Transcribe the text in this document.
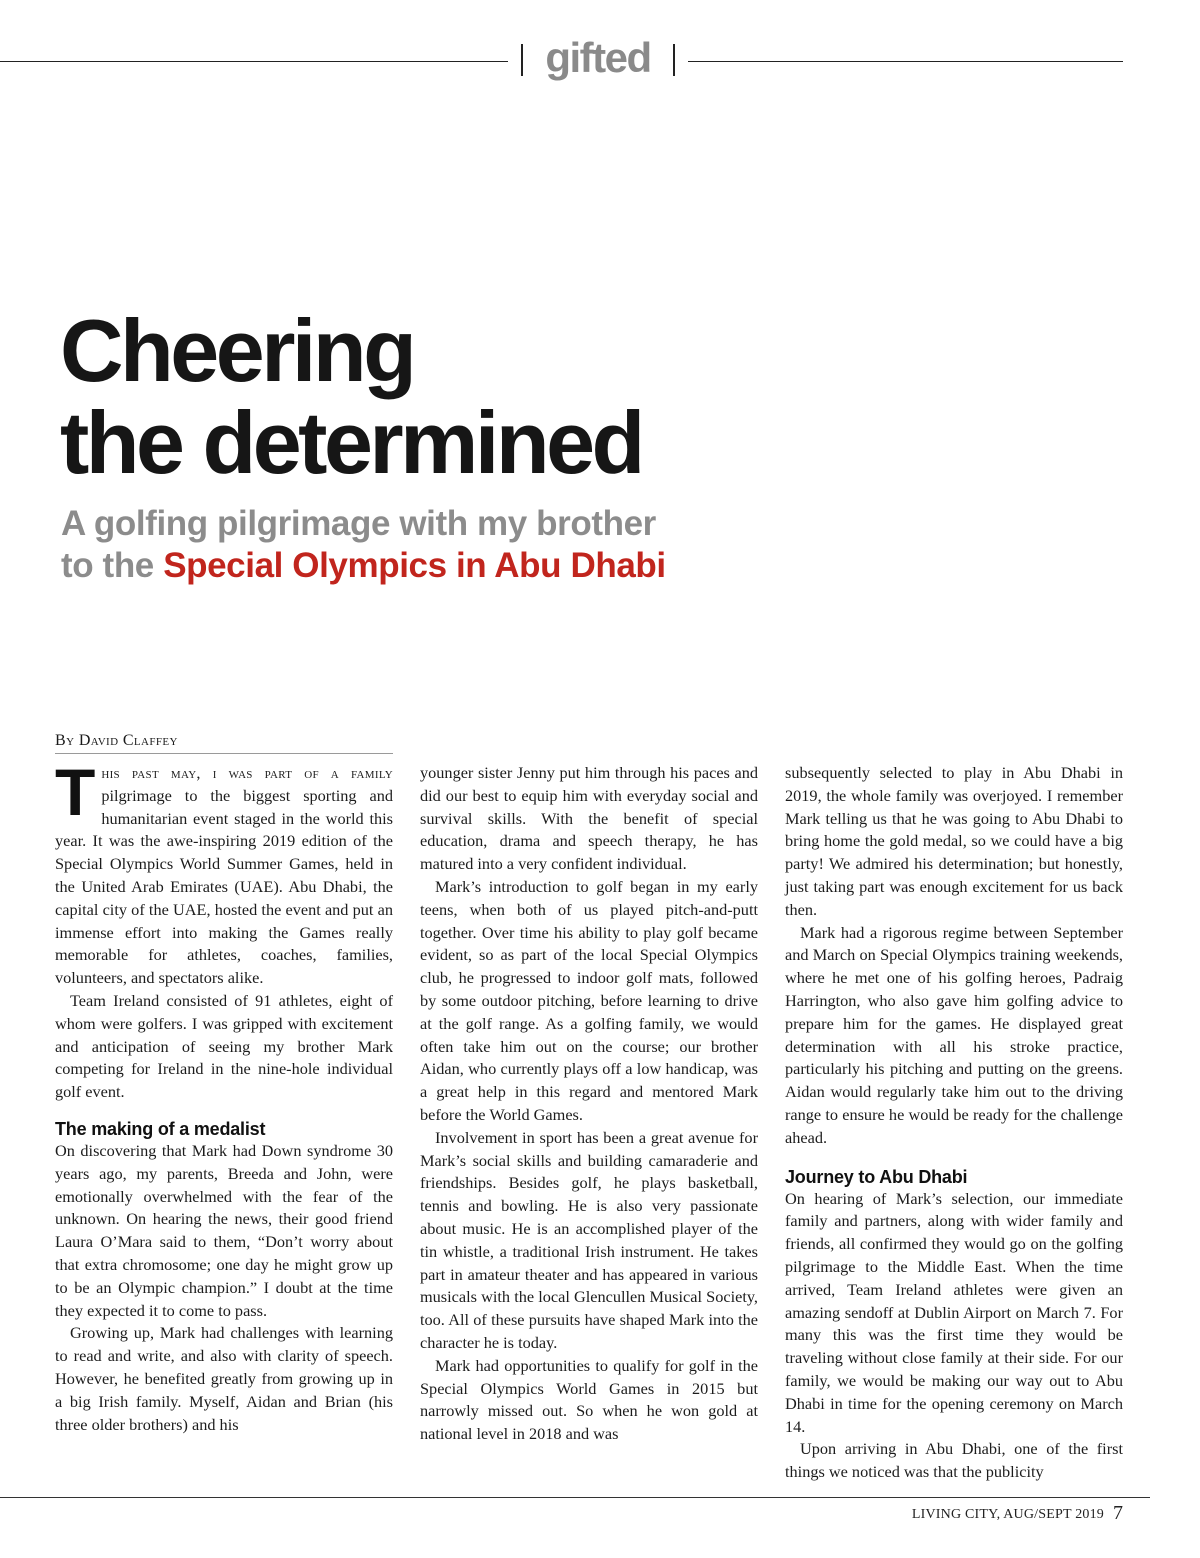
gifted
Cheering
the determined
A golfing pilgrimage with my brother
to the Special Olympics in Abu Dhabi
By David Claffey

This past may, i was part of a family pilgrimage to the biggest sporting and humanitarian event staged in the world this year. It was the awe-inspiring 2019 edition of the Special Olympics World Summer Games, held in the United Arab Emirates (UAE). Abu Dhabi, the capital city of the UAE, hosted the event and put an immense effort into making the Games really memorable for athletes, coaches, families, volunteers, and spectators alike.

Team Ireland consisted of 91 athletes, eight of whom were golfers. I was gripped with excitement and anticipation of seeing my brother Mark competing for Ireland in the nine-hole individual golf event.

The making of a medalist

On discovering that Mark had Down syndrome 30 years ago, my parents, Breeda and John, were emotionally overwhelmed with the fear of the unknown. On hearing the news, their good friend Laura O’Mara said to them, “Don’t worry about that extra chromosome; one day he might grow up to be an Olympic champion.” I doubt at the time they expected it to come to pass.

Growing up, Mark had challenges with learning to read and write, and also with clarity of speech. However, he benefited greatly from growing up in a big Irish family. Myself, Aidan and Brian (his three older brothers) and his

younger sister Jenny put him through his paces and did our best to equip him with everyday social and survival skills. With the benefit of special education, drama and speech therapy, he has matured into a very confident individual.

Mark’s introduction to golf began in my early teens, when both of us played pitch-and-putt together. Over time his ability to play golf became evident, so as part of the local Special Olympics club, he progressed to indoor golf mats, followed by some outdoor pitching, before learning to drive at the golf range. As a golfing family, we would often take him out on the course; our brother Aidan, who currently plays off a low handicap, was a great help in this regard and mentored Mark before the World Games.

Involvement in sport has been a great avenue for Mark’s social skills and building camaraderie and friendships. Besides golf, he plays basketball, tennis and bowling. He is also very passionate about music. He is an accomplished player of the tin whistle, a traditional Irish instrument. He takes part in amateur theater and has appeared in various musicals with the local Glencullen Musical Society, too. All of these pursuits have shaped Mark into the character he is today.

Mark had opportunities to qualify for golf in the Special Olympics World Games in 2015 but narrowly missed out. So when he won gold at national level in 2018 and was

subsequently selected to play in Abu Dhabi in 2019, the whole family was overjoyed. I remember Mark telling us that he was going to Abu Dhabi to bring home the gold medal, so we could have a big party! We admired his determination; but honestly, just taking part was enough excitement for us back then.

Mark had a rigorous regime between September and March on Special Olympics training weekends, where he met one of his golfing heroes, Padraig Harrington, who also gave him golfing advice to prepare him for the games. He displayed great determination with all his stroke practice, particularly his pitching and putting on the greens. Aidan would regularly take him out to the driving range to ensure he would be ready for the challenge ahead.

Journey to Abu Dhabi

On hearing of Mark’s selection, our immediate family and partners, along with wider family and friends, all confirmed they would go on the golfing pilgrimage to the Middle East. When the time arrived, Team Ireland athletes were given an amazing sendoff at Dublin Airport on March 7. For many this was the first time they would be traveling without close family at their side. For our family, we would be making our way out to Abu Dhabi in time for the opening ceremony on March 14.

Upon arriving in Abu Dhabi, one of the first things we noticed was that the publicity

LIVING CITY, AUG/SEPT 2019 7
